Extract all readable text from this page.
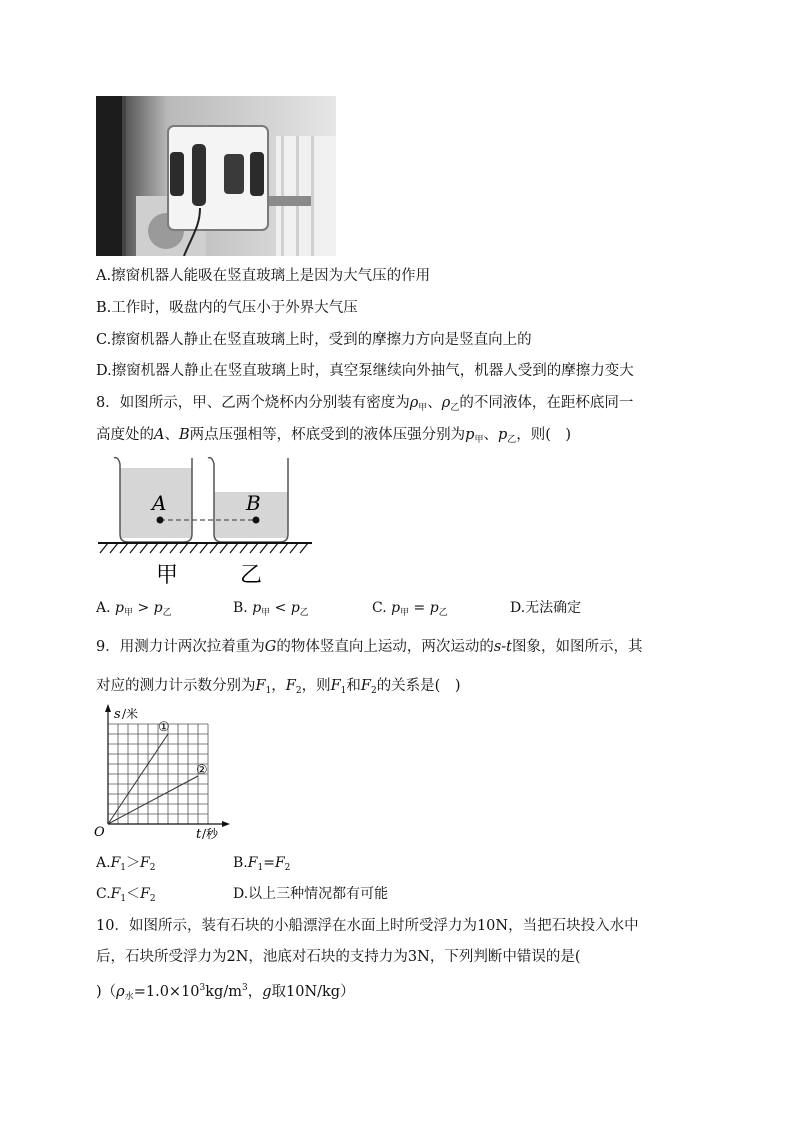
A.擦窗机器人能吸在竖直玻璃上是因为大气压的作用
B.工作时，吸盘内的气压小于外界大气压
C.擦窗机器人静止在竖直玻璃上时，受到的摩擦力方向是竖直向上的
D.擦窗机器人静止在竖直玻璃上时，真空泵继续向外抽气，机器人受到的摩擦力变大
8．如图所示，甲、乙两个烧杯内分别装有密度为$\rho_甲$、$\rho_乙$的不同液体，在距杯底同一
高度处的A、B两点压强相等，杯底受到的液体压强分别为$p_甲$、$p_乙$，则(　)
A	B
甲	乙
A. $p_甲 > p_乙$	B. $p_甲 < p_乙$	C. $p_甲 = p_乙$	D.无法确定
9．用测力计两次拉着重为G的物体竖直向上运动，两次运动的s-t图象，如图所示，其
对应的测力计示数分别为$F_1$，$F_2$，则$F_1$和$F_2$的关系是(　)
s /米
①
②
O	t /秒
$A.F_1>F_2$	$B.F_1=F_2$
$C.F_1<F_2$	D.以上三种情况都有可能
10．如图所示，装有石块的小船漂浮在水面上时所受浮力为10N，当把石块投入水中
后，石块所受浮力为2N，池底对石块的支持力为3N，下列判断中错误的是(
)（$\rho_水=1.0\times 10^3kg/m^3$，g取10N/kg）
